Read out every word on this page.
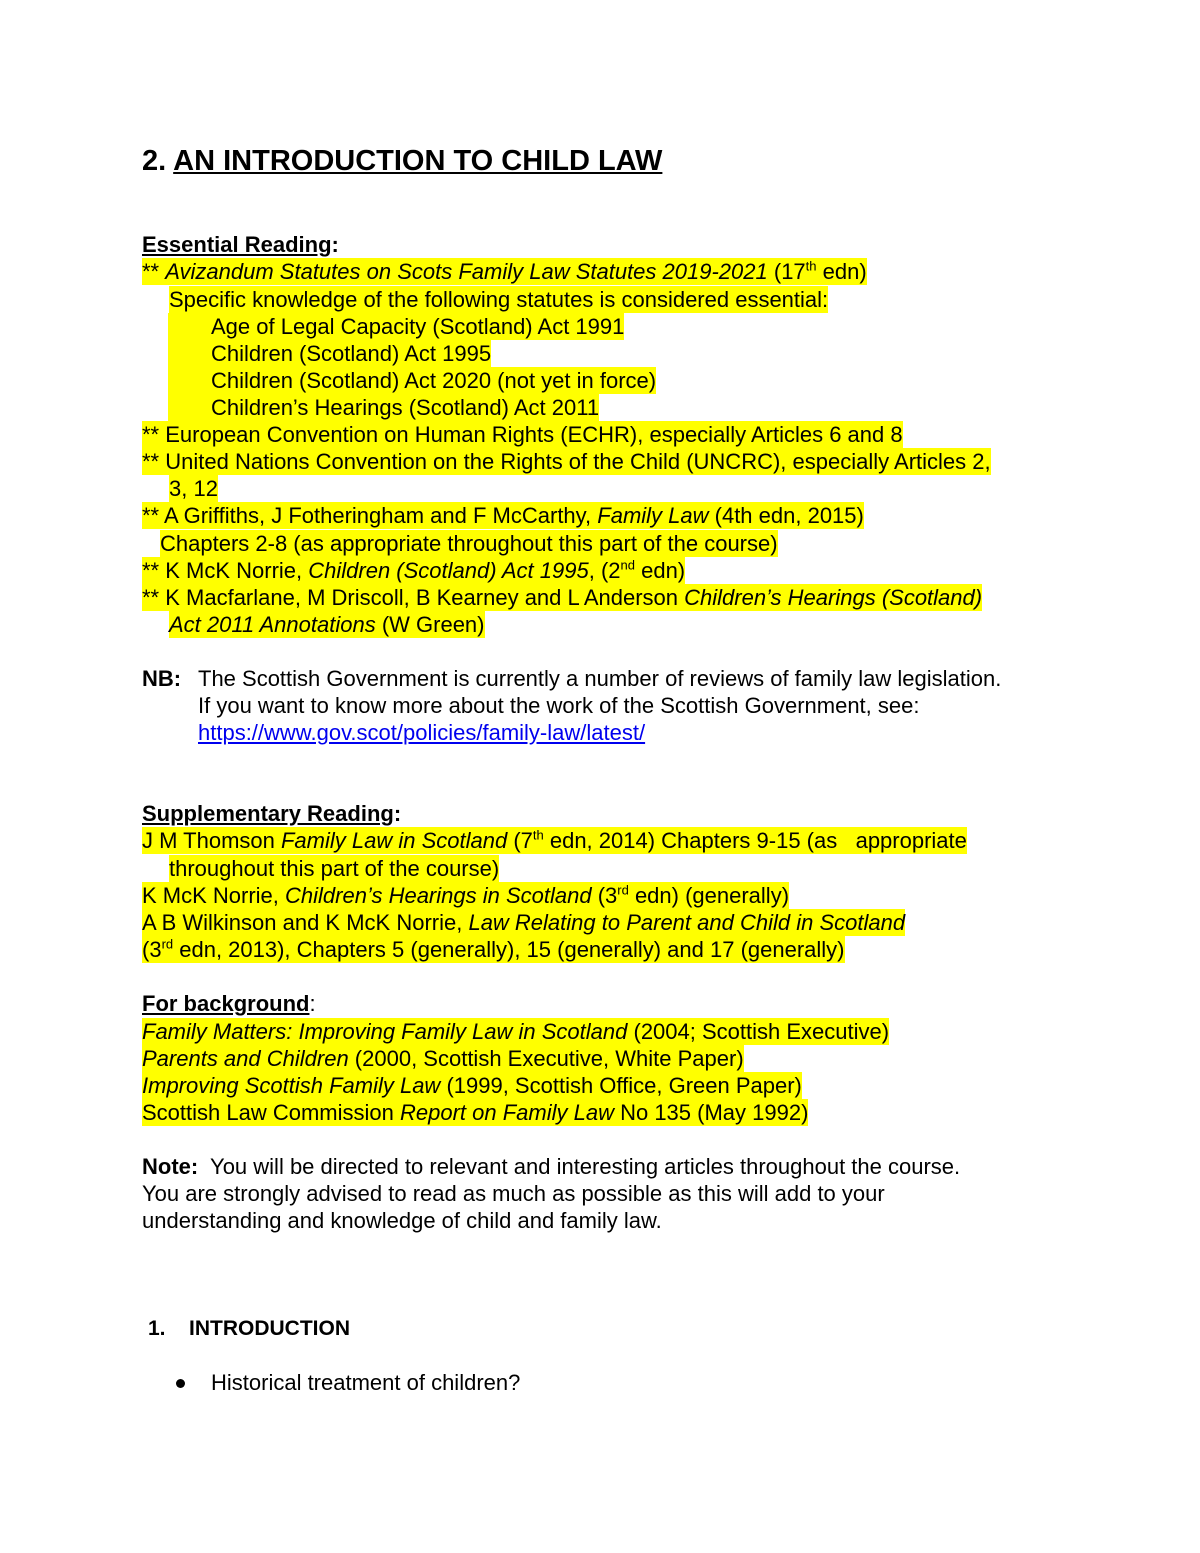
2. AN INTRODUCTION TO CHILD LAW
Essential Reading:
** Avizandum Statutes on Scots Family Law Statutes 2019-2021 (17th edn)
Specific knowledge of the following statutes is considered essential:
Age of Legal Capacity (Scotland) Act 1991
Children (Scotland) Act 1995
Children (Scotland) Act 2020 (not yet in force)
Children’s Hearings (Scotland) Act 2011
** European Convention on Human Rights (ECHR), especially Articles 6 and 8
** United Nations Convention on the Rights of the Child (UNCRC), especially Articles 2,
3, 12
** A Griffiths, J Fotheringham and F McCarthy, Family Law (4th edn, 2015)
Chapters 2-8 (as appropriate throughout this part of the course)
** K McK Norrie, Children (Scotland) Act 1995, (2nd edn)
** K Macfarlane, M Driscoll, B Kearney and L Anderson Children’s Hearings (Scotland)
Act 2011 Annotations (W Green)
NB: The Scottish Government is currently a number of reviews of family law legislation.
If you want to know more about the work of the Scottish Government, see:
https://www.gov.scot/policies/family-law/latest/
Supplementary Reading:
J M Thomson Family Law in Scotland (7th edn, 2014) Chapters 9-15 (as   appropriate
throughout this part of the course)
K McK Norrie, Children’s Hearings in Scotland (3rd edn) (generally)
A B Wilkinson and K McK Norrie, Law Relating to Parent and Child in Scotland
(3rd edn, 2013), Chapters 5 (generally), 15 (generally) and 17 (generally)
For background:
Family Matters: Improving Family Law in Scotland (2004; Scottish Executive)
Parents and Children (2000, Scottish Executive, White Paper)
Improving Scottish Family Law (1999, Scottish Office, Green Paper)
Scottish Law Commission Report on Family Law No 135 (May 1992)
Note:  You will be directed to relevant and interesting articles throughout the course.
You are strongly advised to read as much as possible as this will add to your
understanding and knowledge of child and family law.
1. INTRODUCTION
Historical treatment of children?
